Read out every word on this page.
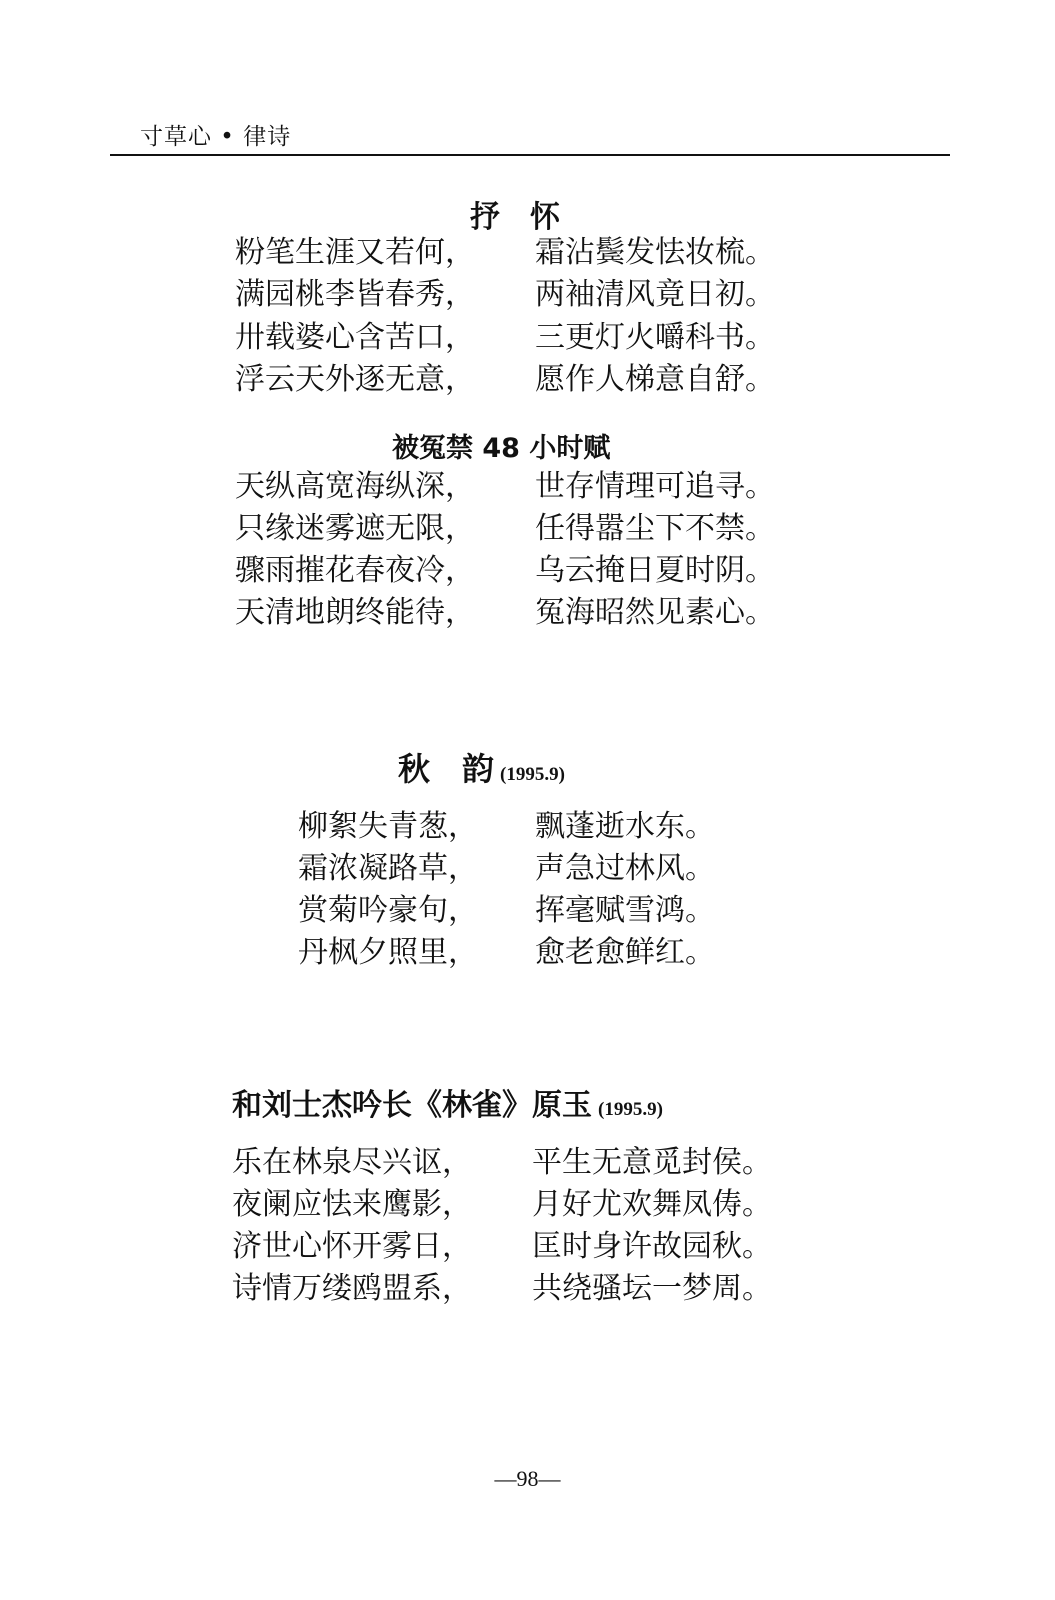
寸草心 • 律诗
抒　怀
粉笔生涯又若何， 霜沾鬓发怯妆梳。
满园桃李皆春秀， 两袖清风竟日初。
卅载婆心含苦口， 三更灯火嚼科书。
浮云天外逐无意， 愿作人梯意自舒。
被冤禁 48 小时赋
天纵高宽海纵深， 世存情理可追寻。
只缘迷雾遮无限， 任得嚣尘下不禁。
骤雨摧花春夜冷， 乌云掩日夏时阴。
天清地朗终能待， 冤海昭然见素心。
秋　韵 (1995.9)
柳絮失青葱， 飘蓬逝水东。
霜浓凝路草， 声急过林风。
赏菊吟豪句， 挥毫赋雪鸿。
丹枫夕照里， 愈老愈鲜红。
和刘士杰吟长《林雀》原玉 (1995.9)
乐在林泉尽兴讴， 平生无意觅封侯。
夜阑应怯来鹰影， 月好尤欢舞凤俦。
济世心怀开雾日， 匡时身许故园秋。
诗情万缕鸥盟系， 共绕骚坛一梦周。
—98—
